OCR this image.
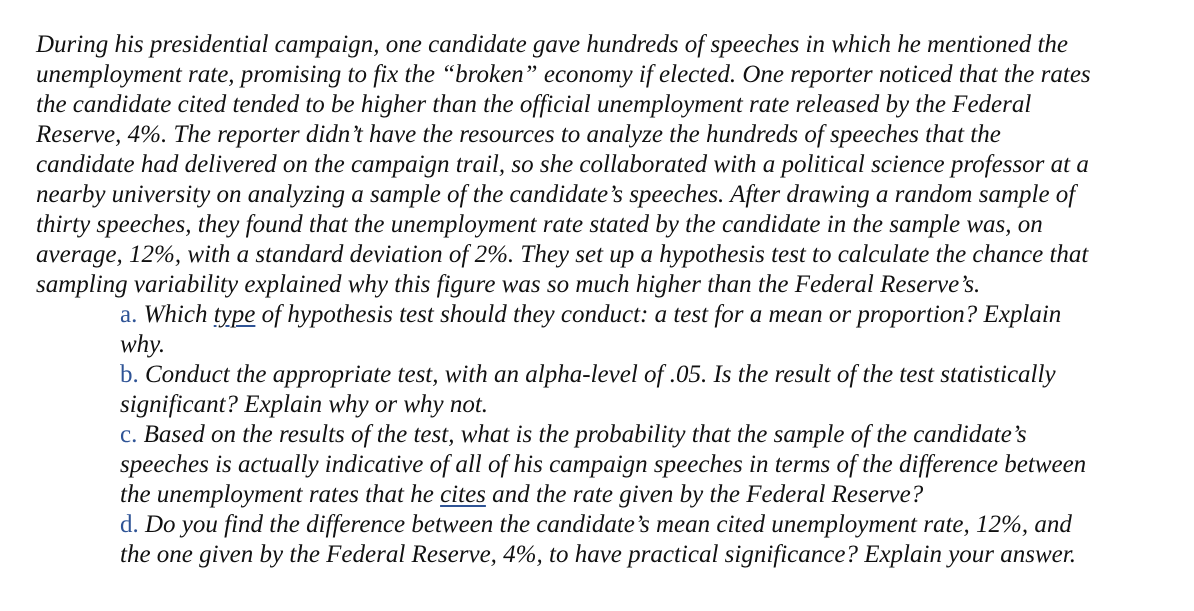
During his presidential campaign, one candidate gave hundreds of speeches in which he mentioned the
unemployment rate, promising to fix the “broken” economy if elected. One reporter noticed that the rates
the candidate cited tended to be higher than the official unemployment rate released by the Federal
Reserve, 4%. The reporter didn’t have the resources to analyze the hundreds of speeches that the
candidate had delivered on the campaign trail, so she collaborated with a political science professor at a
nearby university on analyzing a sample of the candidate’s speeches. After drawing a random sample of
thirty speeches, they found that the unemployment rate stated by the candidate in the sample was, on
average, 12%, with a standard deviation of 2%. They set up a hypothesis test to calculate the chance that
sampling variability explained why this figure was so much higher than the Federal Reserve’s.
a. Which type of hypothesis test should they conduct: a test for a mean or proportion? Explain
why.
b. Conduct the appropriate test, with an alpha-level of .05. Is the result of the test statistically
significant? Explain why or why not.
c. Based on the results of the test, what is the probability that the sample of the candidate’s
speeches is actually indicative of all of his campaign speeches in terms of the difference between
the unemployment rates that he cites and the rate given by the Federal Reserve?
d. Do you find the difference between the candidate’s mean cited unemployment rate, 12%, and
the one given by the Federal Reserve, 4%, to have practical significance? Explain your answer.
